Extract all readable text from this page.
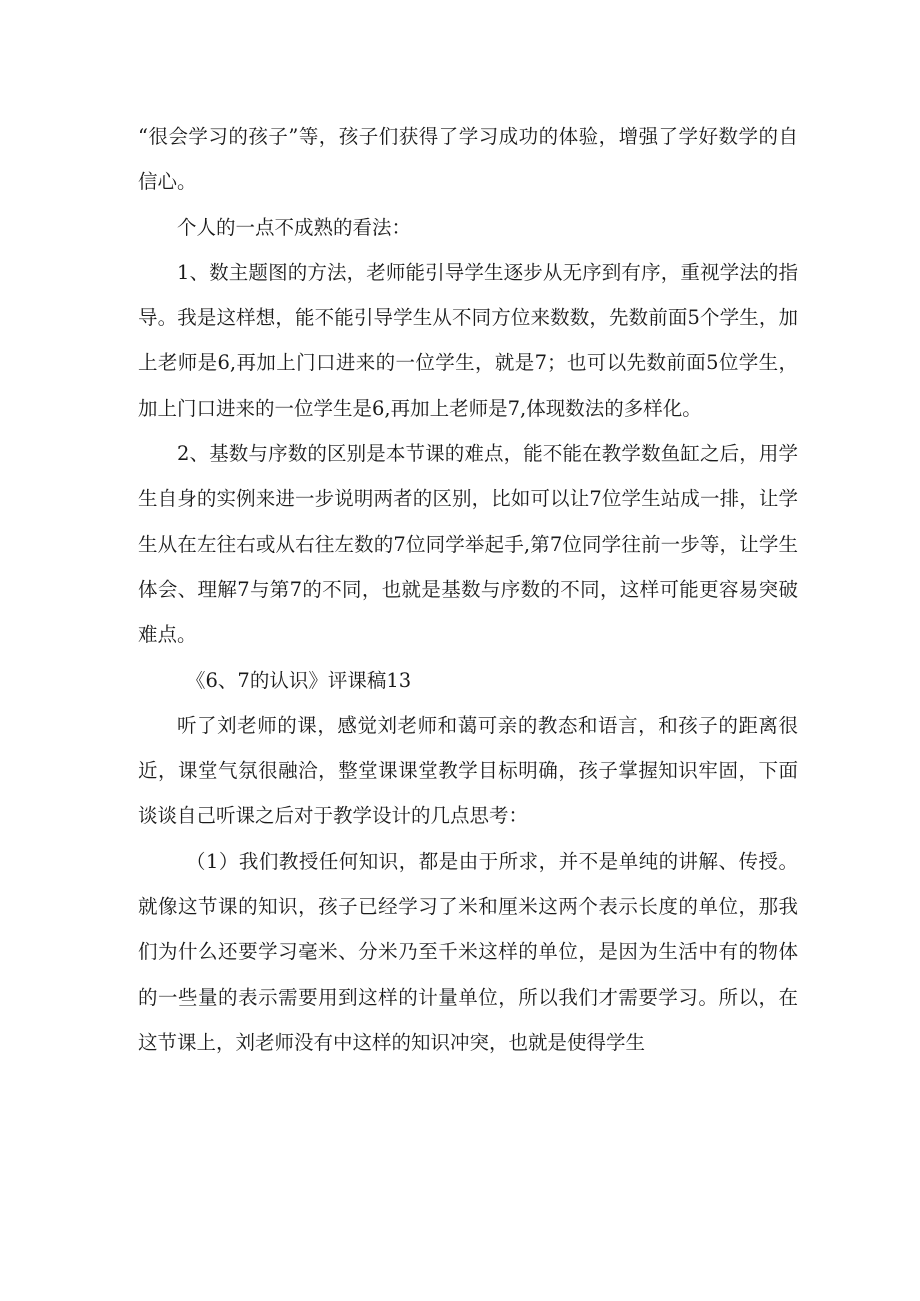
“很会学习的孩子”等，孩子们获得了学习成功的体验，增强了学好数学的自信心。

个人的一点不成熟的看法：

1、数主题图的方法，老师能引导学生逐步从无序到有序，重视学法的指导。我是这样想，能不能引导学生从不同方位来数数，先数前面5个学生，加上老师是6,再加上门口进来的一位学生，就是7；也可以先数前面5位学生，加上门口进来的一位学生是6,再加上老师是7,体现数法的多样化。

2、基数与序数的区别是本节课的难点，能不能在教学数鱼缸之后，用学生自身的实例来进一步说明两者的区别，比如可以让7位学生站成一排，让学生从在左往右或从右往左数的7位同学举起手,第7位同学往前一步等，让学生体会、理解7与第7的不同，也就是基数与序数的不同，这样可能更容易突破难点。

《6、7的认识》评课稿13

听了刘老师的课，感觉刘老师和蔼可亲的教态和语言，和孩子的距离很近，课堂气氛很融洽，整堂课课堂教学目标明确，孩子掌握知识牢固，下面谈谈自己听课之后对于教学设计的几点思考：

（1）我们教授任何知识，都是由于所求，并不是单纯的讲解、传授。就像这节课的知识，孩子已经学习了米和厘米这两个表示长度的单位，那我们为什么还要学习毫米、分米乃至千米这样的单位，是因为生活中有的物体的一些量的表示需要用到这样的计量单位，所以我们才需要学习。所以，在这节课上，刘老师没有中这样的知识冲突，也就是使得学生
